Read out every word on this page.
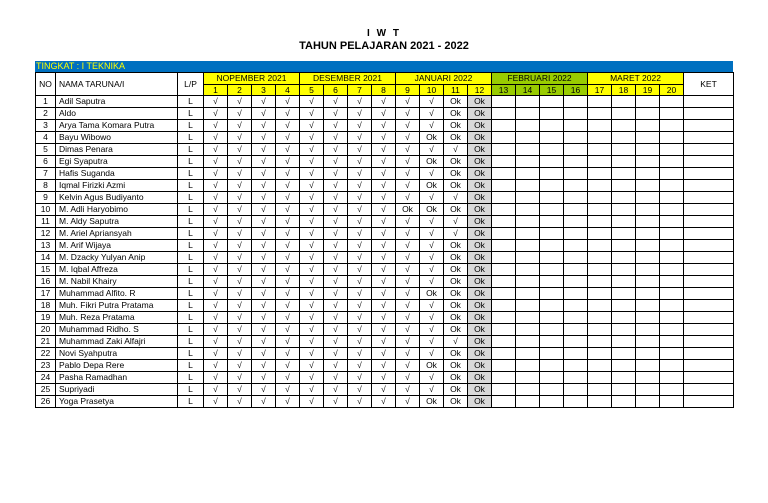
I W T
TAHUN PELAJARAN 2021 - 2022
TINGKAT : I TEKNIKA
NO	NAMA TARUNA/I	L/P	NOPEMBER 2021				DESEMBER 2021				JANUARI 2022				FEBRUARI 2022				MARET 2022				KET
			1	2	3	4	5	6	7	8	9	10	11	12	13	14	15	16	17	18	19	20	
1	Adil Saputra	L	√	√	√	√	√	√	√	√	√	√	Ok	Ok									
2	Aldo	L	√	√	√	√	√	√	√	√	√	√	Ok	Ok									
3	Arya Tama Komara Putra	L	√	√	√	√	√	√	√	√	√	√	Ok	Ok									
4	Bayu Wibowo	L	√	√	√	√	√	√	√	√	√	Ok	Ok	Ok									
5	Dimas Penara	L	√	√	√	√	√	√	√	√	√	√	√	Ok									
6	Egi Syaputra	L	√	√	√	√	√	√	√	√	√	Ok	Ok	Ok									
7	Hafis Suganda	L	√	√	√	√	√	√	√	√	√	√	Ok	Ok									
8	Iqmal Firizki Azmi	L	√	√	√	√	√	√	√	√	√	Ok	Ok	Ok									
9	Kelvin Agus Budiyanto	L	√	√	√	√	√	√	√	√	√	√	√	Ok									
10	M. Adli Haryobimo	L	√	√	√	√	√	√	√	√	Ok	Ok	Ok	Ok									
11	M. Aldy Saputra	L	√	√	√	√	√	√	√	√	√	√	√	Ok									
12	M. Ariel Apriansyah	L	√	√	√	√	√	√	√	√	√	√	√	Ok									
13	M. Arif Wijaya	L	√	√	√	√	√	√	√	√	√	√	Ok	Ok									
14	M. Dzacky Yulyan Anip	L	√	√	√	√	√	√	√	√	√	√	Ok	Ok									
15	M. Iqbal Affreza	L	√	√	√	√	√	√	√	√	√	√	Ok	Ok									
16	M. Nabil Khairy	L	√	√	√	√	√	√	√	√	√	√	Ok	Ok									
17	Muhammad Alfito. R	L	√	√	√	√	√	√	√	√	√	Ok	Ok	Ok									
18	Muh. Fikri Putra Pratama	L	√	√	√	√	√	√	√	√	√	√	Ok	Ok									
19	Muh. Reza Pratama	L	√	√	√	√	√	√	√	√	√	√	Ok	Ok									
20	Muhammad Ridho. S	L	√	√	√	√	√	√	√	√	√	√	Ok	Ok									
21	Muhammad Zaki Alfajri	L	√	√	√	√	√	√	√	√	√	√	√	Ok									
22	Novi Syahputra	L	√	√	√	√	√	√	√	√	√	√	Ok	Ok									
23	Pablo Depa Rere	L	√	√	√	√	√	√	√	√	√	Ok	Ok	Ok									
24	Pasha Ramadhan	L	√	√	√	√	√	√	√	√	√	√	Ok	Ok									
25	Supriyadi	L	√	√	√	√	√	√	√	√	√	√	Ok	Ok									
26	Yoga Prasetya	L	√	√	√	√	√	√	√	√	√	Ok	Ok	Ok									
